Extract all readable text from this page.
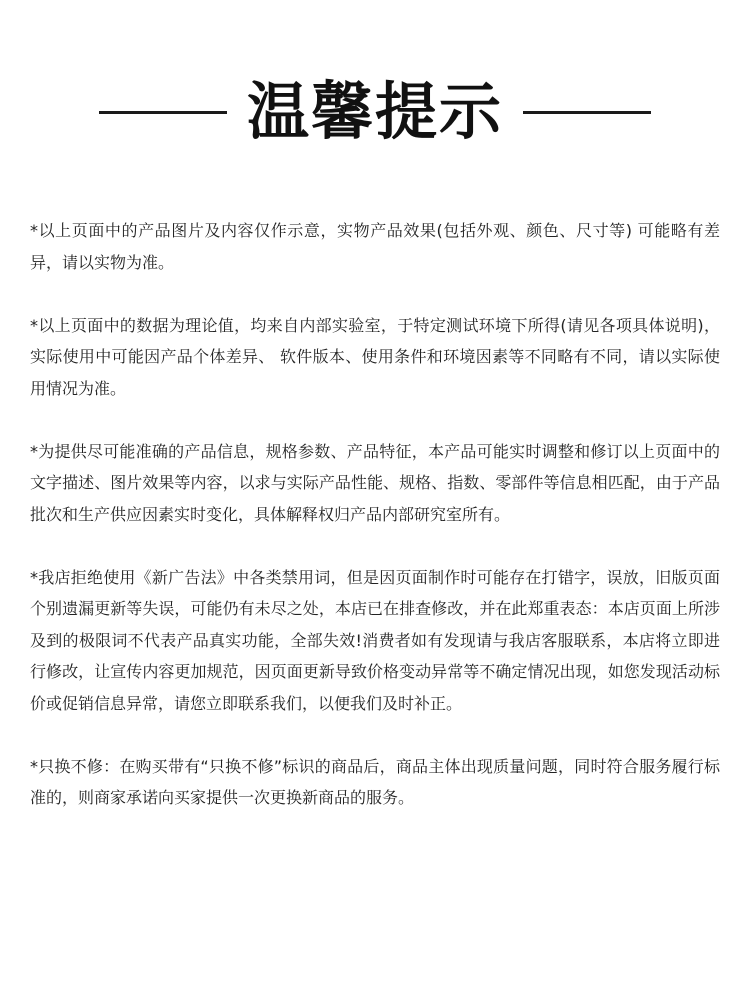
温馨提示

*以上页面中的产品图片及内容仅作示意，实物产品效果(包括外观、颜色、尺寸等) 可能略有差异，请以实物为准。

*以上页面中的数据为理论值，均来自内部实验室，于特定测试环境下所得(请见各项具体说明)，实际使用中可能因产品个体差异、 软件版本、使用条件和环境因素等不同略有不同，请以实际使用情况为准。

*为提供尽可能准确的产品信息，规格参数、产品特征，本产品可能实时调整和修订以上页面中的文字描述、图片效果等内容，以求与实际产品性能、规格、指数、零部件等信息相匹配，由于产品批次和生产供应因素实时变化，具体解释权归产品内部研究室所有。

*我店拒绝使用《新广告法》中各类禁用词，但是因页面制作时可能存在打错字，误放，旧版页面个别遗漏更新等失误，可能仍有未尽之处，本店已在排查修改，并在此郑重表态：本店页面上所涉及到的极限词不代表产品真实功能，全部失效!消费者如有发现请与我店客服联系，本店将立即进行修改，让宣传内容更加规范，因页面更新导致价格变动异常等不确定情况出现，如您发现活动标价或促销信息异常，请您立即联系我们，以便我们及时补正。

*只换不修：在购买带有“只换不修”标识的商品后，商品主体出现质量问题，同时符合服务履行标准的，则商家承诺向买家提供一次更换新商品的服务。
